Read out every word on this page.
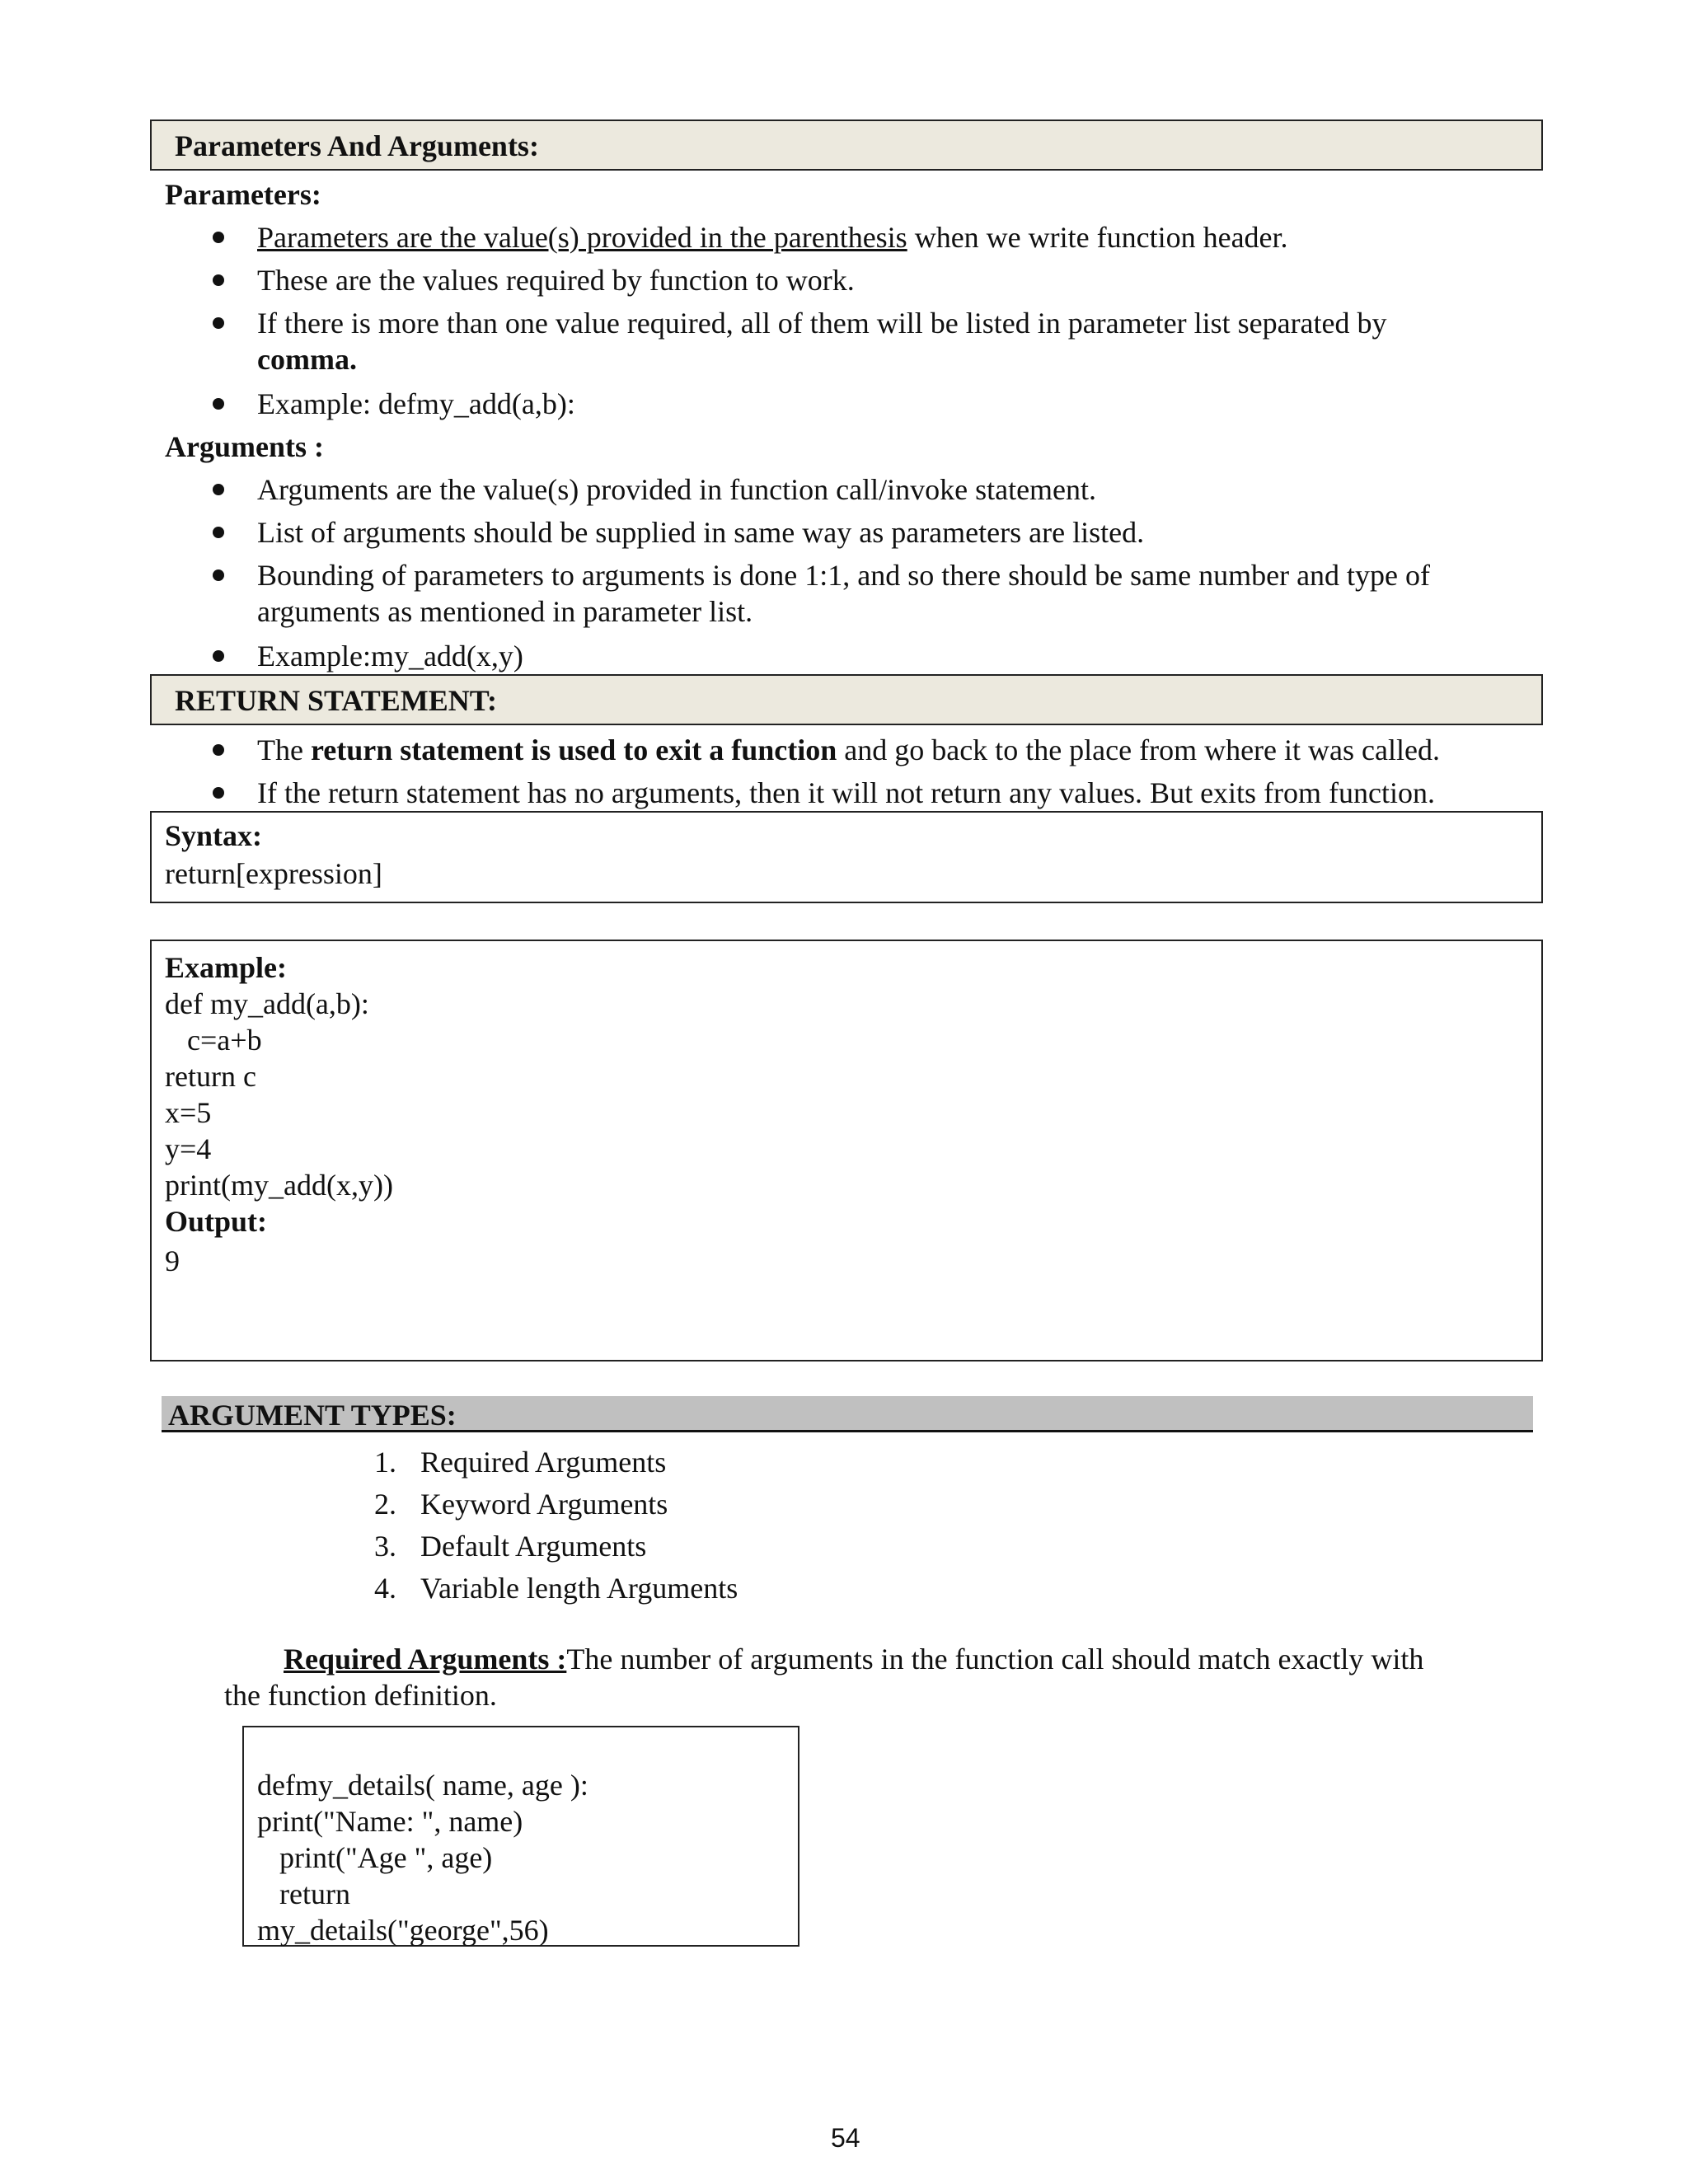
Parameters And Arguments:
Parameters:
Parameters are the value(s) provided in the parenthesis when we write function header.
These are the values required by function to work.
If there is more than one value required, all of them will be listed in parameter list separated by
comma.
Example: defmy_add(a,b):
Arguments :
Arguments are the value(s) provided in function call/invoke statement.
List of arguments should be supplied in same way as parameters are listed.
Bounding of parameters to arguments is done 1:1, and so there should be same number and type of
arguments as mentioned in parameter list.
Example:my_add(x,y)
RETURN STATEMENT:
The return statement is used to exit a function and go back to the place from where it was called.
If the return statement has no arguments, then it will not return any values. But exits from function.
Syntax:
return[expression]
Example:
def my_add(a,b):
c=a+b
return c
x=5
y=4
print(my_add(x,y))
Output:
9
ARGUMENT TYPES:
1. Required Arguments
2. Keyword Arguments
3. Default Arguments
4. Variable length Arguments
Required Arguments :The number of arguments in the function call should match exactly with
the function definition.
defmy_details( name, age ):
print("Name: ", name)
print("Age ", age)
return
my_details("george",56)
54
